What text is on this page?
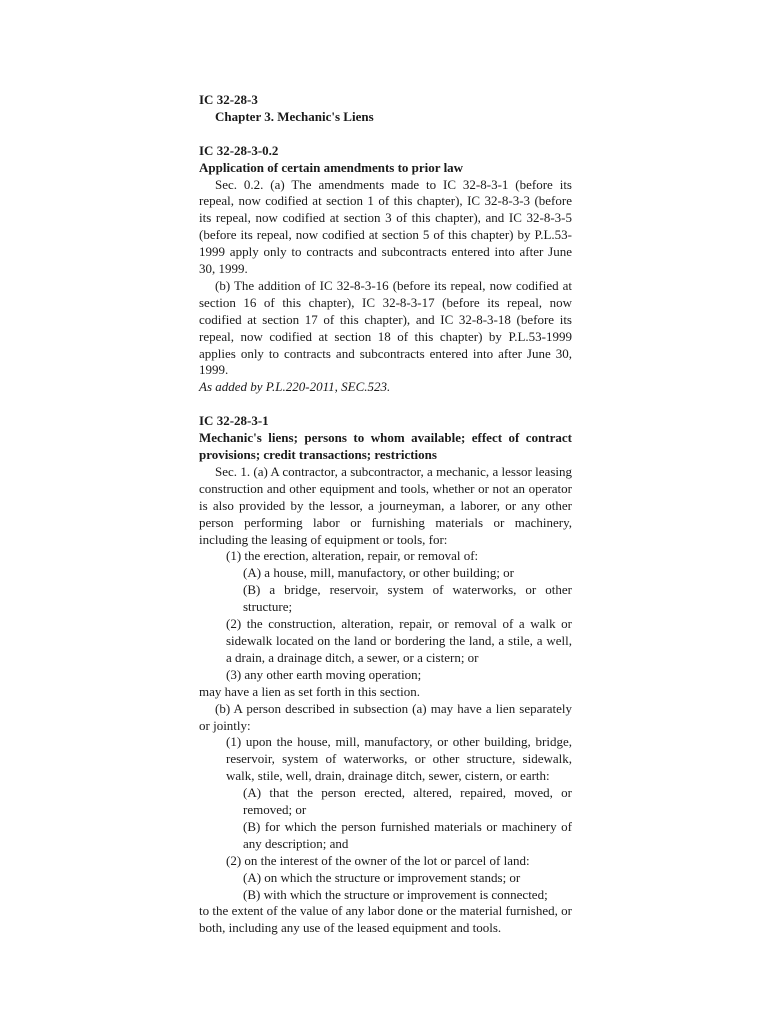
IC 32-28-3
Chapter 3. Mechanic's Liens
IC 32-28-3-0.2
Application of certain amendments to prior law

Sec. 0.2. (a) The amendments made to IC 32-8-3-1 (before its repeal, now codified at section 1 of this chapter), IC 32-8-3-3 (before its repeal, now codified at section 3 of this chapter), and IC 32-8-3-5 (before its repeal, now codified at section 5 of this chapter) by P.L.53-1999 apply only to contracts and subcontracts entered into after June 30, 1999.

(b) The addition of IC 32-8-3-16 (before its repeal, now codified at section 16 of this chapter), IC 32-8-3-17 (before its repeal, now codified at section 17 of this chapter), and IC 32-8-3-18 (before its repeal, now codified at section 18 of this chapter) by P.L.53-1999 applies only to contracts and subcontracts entered into after June 30, 1999.

As added by P.L.220-2011, SEC.523.
IC 32-28-3-1
Mechanic's liens; persons to whom available; effect of contract provisions; credit transactions; restrictions

Sec. 1. (a) A contractor, a subcontractor, a mechanic, a lessor leasing construction and other equipment and tools, whether or not an operator is also provided by the lessor, a journeyman, a laborer, or any other person performing labor or furnishing materials or machinery, including the leasing of equipment or tools, for:

(1) the erection, alteration, repair, or removal of:

(A) a house, mill, manufactory, or other building; or

(B) a bridge, reservoir, system of waterworks, or other structure;

(2) the construction, alteration, repair, or removal of a walk or sidewalk located on the land or bordering the land, a stile, a well, a drain, a drainage ditch, a sewer, or a cistern; or

(3) any other earth moving operation;

may have a lien as set forth in this section.

(b) A person described in subsection (a) may have a lien separately or jointly:

(1) upon the house, mill, manufactory, or other building, bridge, reservoir, system of waterworks, or other structure, sidewalk, walk, stile, well, drain, drainage ditch, sewer, cistern, or earth:

(A) that the person erected, altered, repaired, moved, or removed; or

(B) for which the person furnished materials or machinery of any description; and

(2) on the interest of the owner of the lot or parcel of land:

(A) on which the structure or improvement stands; or

(B) with which the structure or improvement is connected;

to the extent of the value of any labor done or the material furnished, or both, including any use of the leased equipment and tools.
